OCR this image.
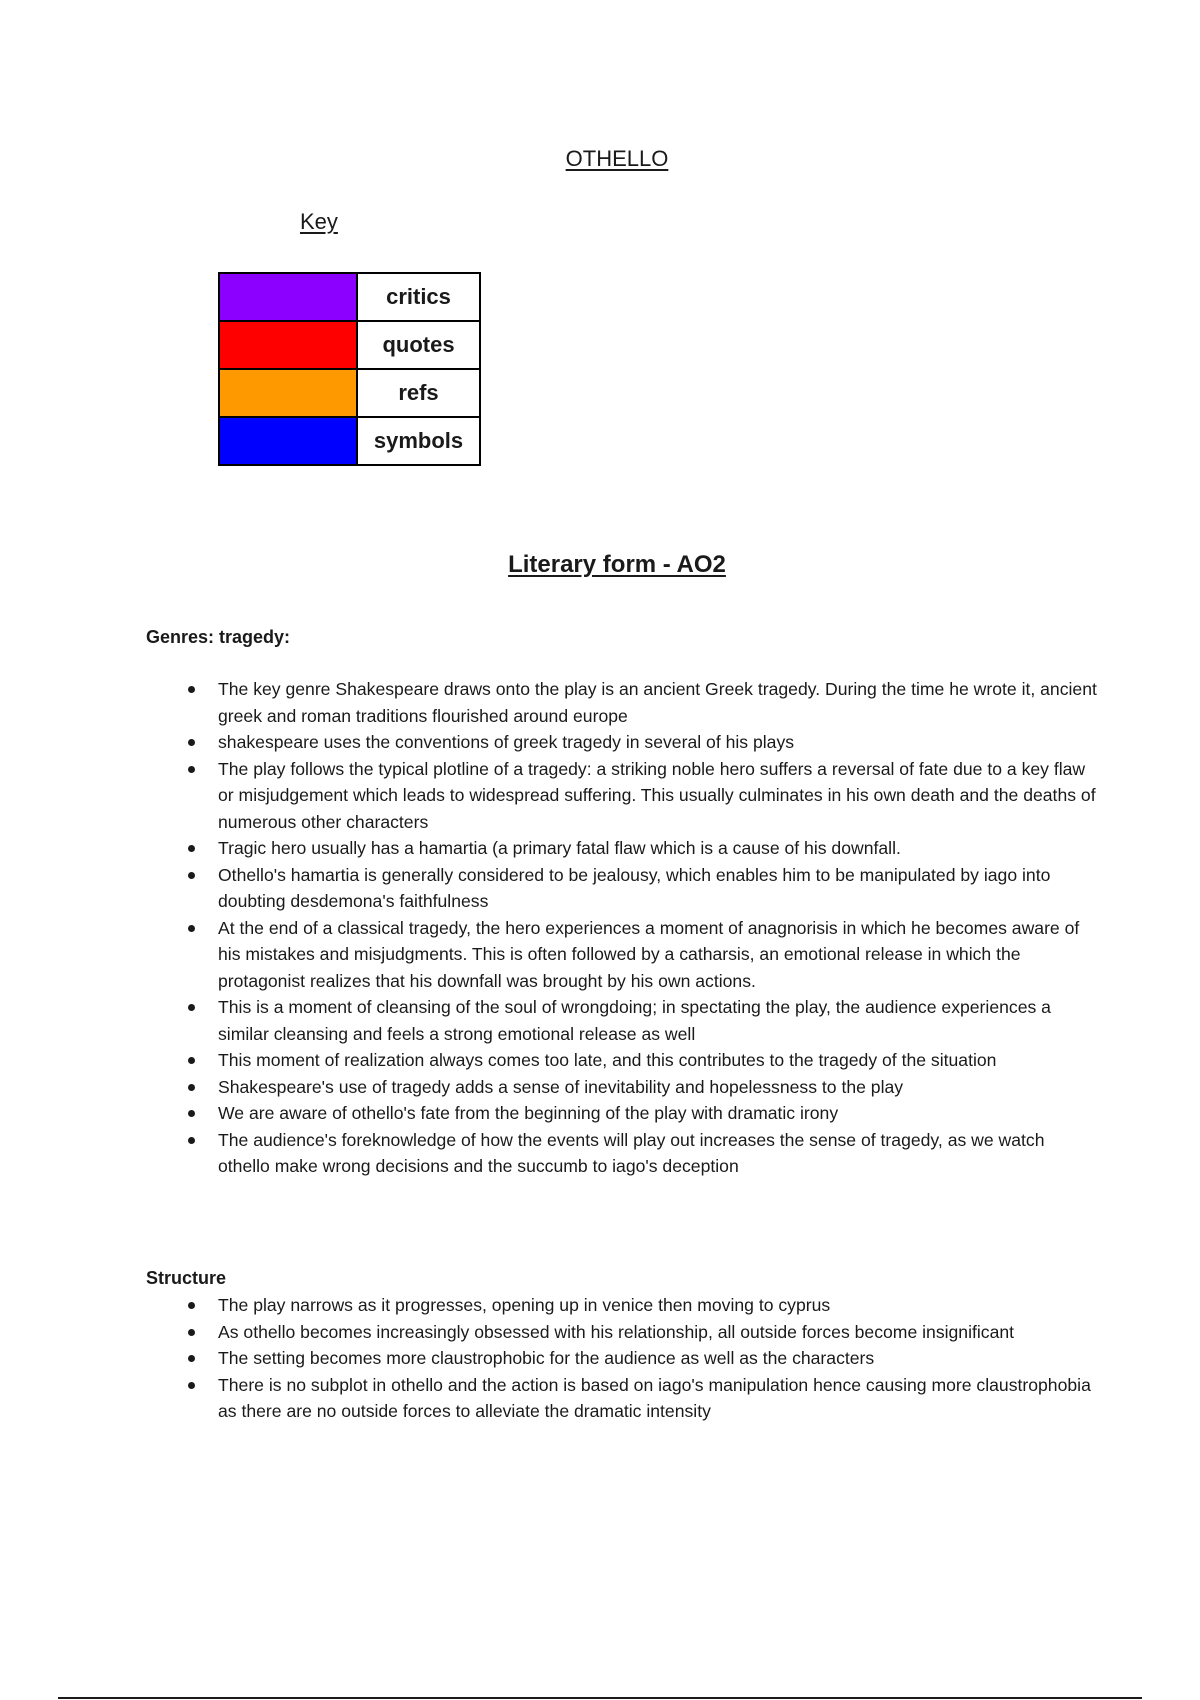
OTHELLO
Key
	critics
	quotes
	refs
	symbols
Literary form - AO2
Genres: tragedy:
The key genre Shakespeare draws onto the play is an ancient Greek tragedy. During the time he wrote it, ancient greek and roman traditions flourished around europe
shakespeare uses the conventions of greek tragedy in several of his plays
The play follows the typical plotline of a tragedy: a striking noble hero suffers a reversal of fate due to a key flaw or misjudgement which leads to widespread suffering. This usually culminates in his own death and the deaths of numerous other characters
Tragic hero usually has a hamartia (a primary fatal flaw which is a cause of his downfall.
Othello's hamartia is generally considered to be jealousy, which enables him to be manipulated by iago into doubting desdemona's faithfulness
At the end of a classical tragedy, the hero experiences a moment of anagnorisis in which he becomes aware of his mistakes and misjudgments. This is often followed by a catharsis, an emotional release in which the protagonist realizes that his downfall was brought by his own actions.
This is a moment of cleansing of the soul of wrongdoing; in spectating the play, the audience experiences a similar cleansing and feels a strong emotional release as well
This moment of realization always comes too late, and this contributes to the tragedy of the situation
Shakespeare's use of tragedy adds a sense of inevitability and hopelessness to the play
We are aware of othello's fate from the beginning of the play with dramatic irony
The audience's foreknowledge of how the events will play out increases the sense of tragedy, as we watch othello make wrong decisions and the succumb to iago's deception
Structure
The play narrows as it progresses, opening up in venice then moving to cyprus
As othello becomes increasingly obsessed with his relationship, all outside forces become insignificant
The setting becomes more claustrophobic for the audience as well as the characters
There is no subplot in othello and the action is based on iago's manipulation hence causing more claustrophobia as there are no outside forces to alleviate the dramatic intensity
